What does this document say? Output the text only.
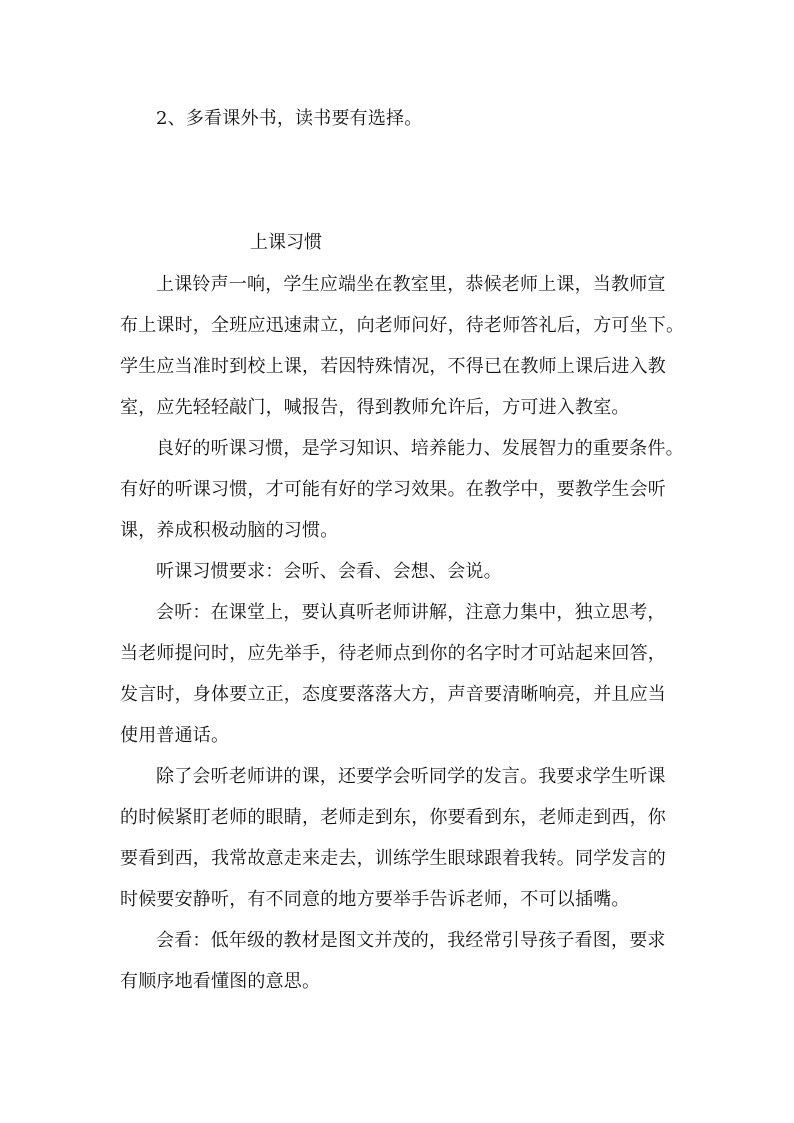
2、多看课外书，读书要有选择。
上课习惯
上课铃声一响，学生应端坐在教室里，恭候老师上课，当教师宣
布上课时，全班应迅速肃立，向老师问好，待老师答礼后，方可坐下。
学生应当准时到校上课，若因特殊情况，不得已在教师上课后进入教
室，应先轻轻敲门，喊报告，得到教师允许后，方可进入教室。
良好的听课习惯，是学习知识、培养能力、发展智力的重要条件。
有好的听课习惯，才可能有好的学习效果。在教学中，要教学生会听
课，养成积极动脑的习惯。
听课习惯要求：会听、会看、会想、会说。
会听：在课堂上，要认真听老师讲解，注意力集中，独立思考，
当老师提问时，应先举手，待老师点到你的名字时才可站起来回答，
发言时，身体要立正，态度要落落大方，声音要清晰响亮，并且应当
使用普通话。
除了会听老师讲的课，还要学会听同学的发言。我要求学生听课
的时候紧盯老师的眼睛，老师走到东，你要看到东，老师走到西，你
要看到西，我常故意走来走去，训练学生眼球跟着我转。同学发言的
时候要安静听，有不同意的地方要举手告诉老师，不可以插嘴。
会看：低年级的教材是图文并茂的，我经常引导孩子看图，要求
有顺序地看懂图的意思。
